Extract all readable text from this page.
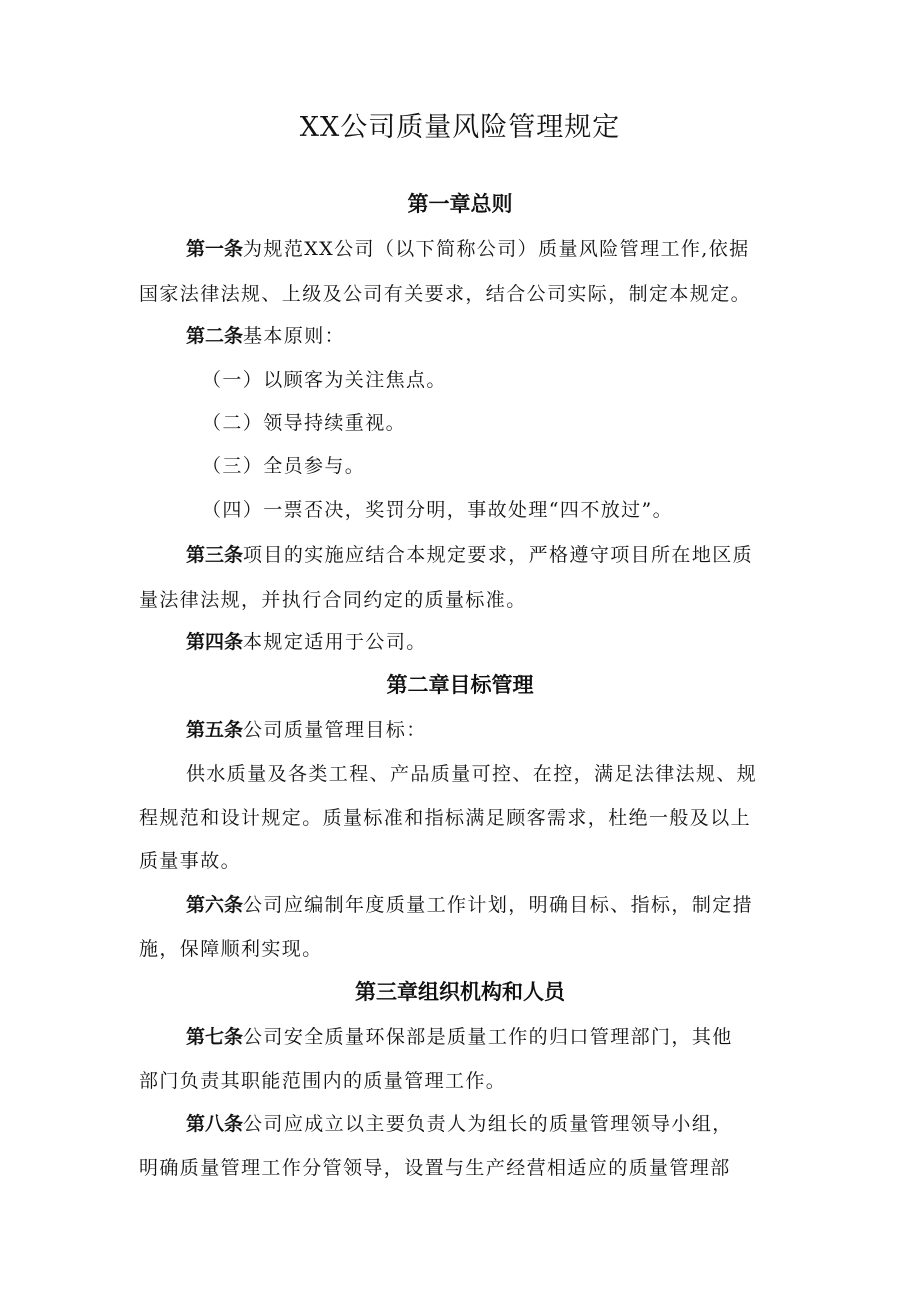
XX公司质量风险管理规定
第一章总则
第一条为规范XX公司（以下简称公司）质量风险管理工作,依据
国家法律法规、上级及公司有关要求，结合公司实际，制定本规定。
第二条基本原则：
（一）以顾客为关注焦点。
（二）领导持续重视。
（三）全员参与。
（四）一票否决，奖罚分明，事故处理“四不放过”。
第三条项目的实施应结合本规定要求，严格遵守项目所在地区质
量法律法规，并执行合同约定的质量标准。
第四条本规定适用于公司。
第二章目标管理
第五条公司质量管理目标：
供水质量及各类工程、产品质量可控、在控，满足法律法规、规
程规范和设计规定。质量标准和指标满足顾客需求，杜绝一般及以上
质量事故。
第六条公司应编制年度质量工作计划，明确目标、指标，制定措
施，保障顺利实现。
第三章组织机构和人员
第七条公司安全质量环保部是质量工作的归口管理部门，其他
部门负责其职能范围内的质量管理工作。
第八条公司应成立以主要负责人为组长的质量管理领导小组，
明确质量管理工作分管领导，设置与生产经营相适应的质量管理部
